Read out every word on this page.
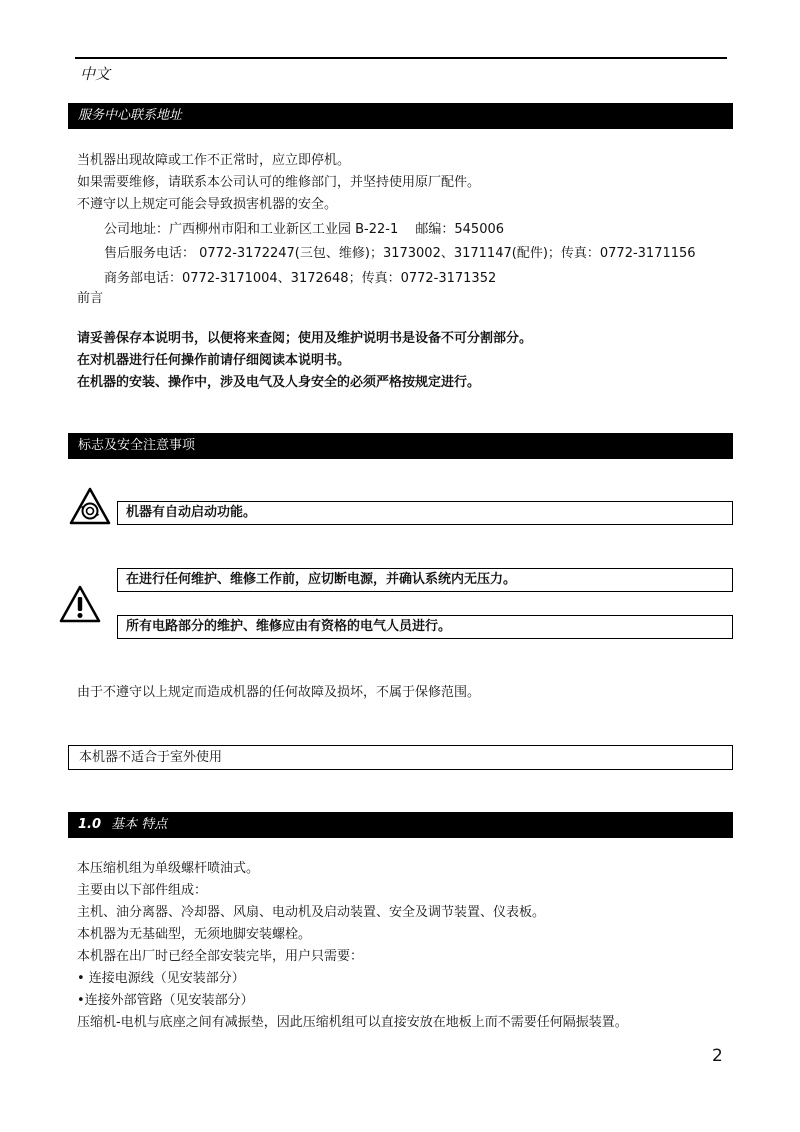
中文
服务中心联系地址
当机器出现故障或工作不正常时，应立即停机。
如果需要维修，请联系本公司认可的维修部门，并坚持使用原厂配件。
不遵守以上规定可能会导致损害机器的安全。
公司地址：广西柳州市阳和工业新区工业园 B-22-1　 邮编：545006
售后服务电话： 0772-3172247(三包、维修)；3173002、3171147(配件)；传真：0772-3171156
商务部电话：0772-3171004、3172648；传真：0772-3171352
前言
请妥善保存本说明书，以便将来查阅；使用及维护说明书是设备不可分割部分。
在对机器进行任何操作前请仔细阅读本说明书。
在机器的安装、操作中，涉及电气及人身安全的必须严格按规定进行。
标志及安全注意事项
机器有自动启动功能。
在进行任何维护、维修工作前，应切断电源，并确认系统内无压力。
所有电路部分的维护、维修应由有资格的电气人员进行。
由于不遵守以上规定而造成机器的任何故障及损坏，不属于保修范围。
本机器不适合于室外使用
1.0 基本 特点
本压缩机组为单级螺杆喷油式。
主要由以下部件组成：
主机、油分离器、冷却器、风扇、电动机及启动装置、安全及调节装置、仪表板。
本机器为无基础型，无须地脚安装螺栓。
本机器在出厂时已经全部安装完毕，用户只需要：
• 连接电源线（见安装部分）
•连接外部管路（见安装部分）
压缩机-电机与底座之间有减振垫，因此压缩机组可以直接安放在地板上而不需要任何隔振装置。
2
